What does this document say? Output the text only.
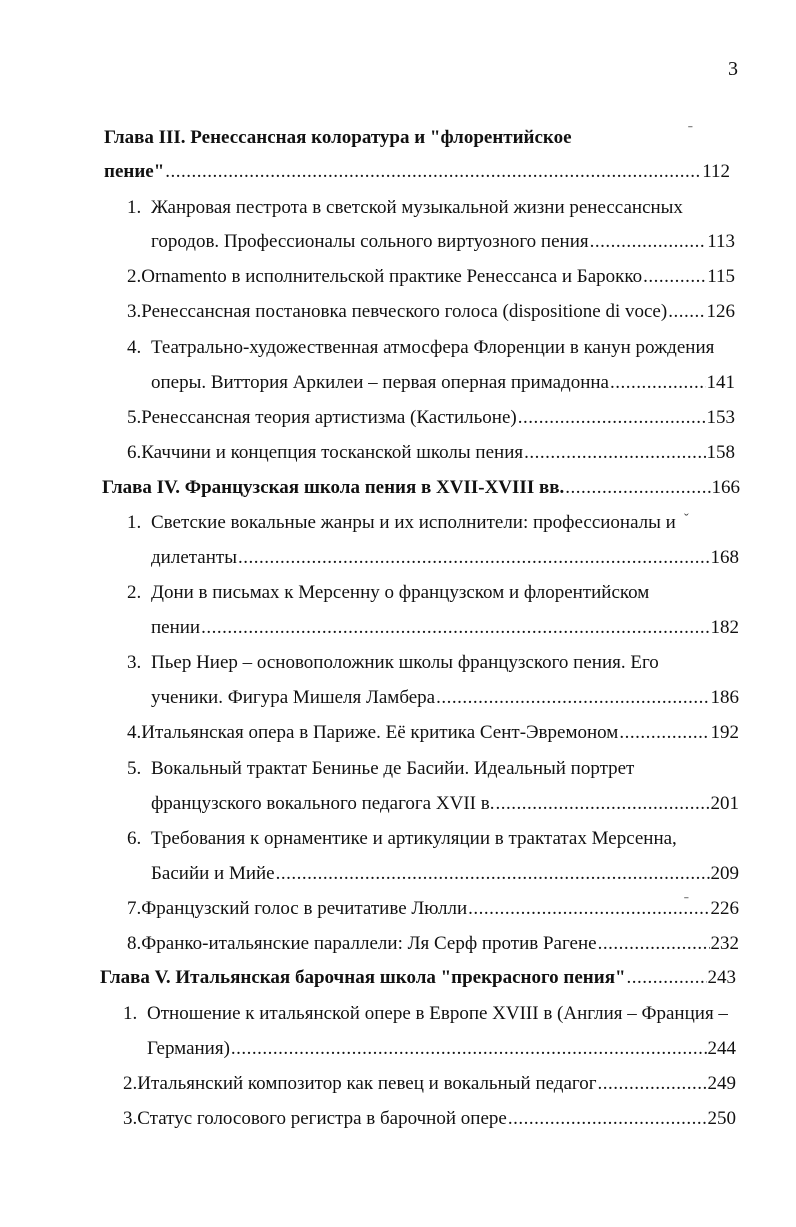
3
Глава III. Ренессансная колоратура и "флорентийское
пение" .....	112
1. Жанровая пестрота в светской музыкальной жизни ренессансных
городов. Профессионалы сольного виртуозного пения .....	113
2. Ornamento в исполнительской практике Ренессанса и Барокко .....	115
3. Ренессансная постановка певческого голоса (dispositione di voce) ..... 126
4. Театрально-художественная атмосфера Флоренции в канун рождения
оперы. Виттория Аркилеи – первая оперная примадонна .....	141
5. Ренессансная теория артистизма (Кастильоне) .....	153
6. Каччини и концепция тосканской школы пения .....	158
Глава IV. Французская школа пения в XVII-XVIII вв. .....	166
1. Светские вокальные жанры и их исполнители: профессионалы и
дилетанты .....	168
2. Дони в письмах к Мерсенну о французском и флорентийском
пении .....	182
3. Пьер Ниер – основоположник школы французского пения. Его
ученики. Фигура Мишеля Ламбера .....	186
4. Итальянская опера в Париже. Её критика Сент-Эвремоном .....	192
5. Вокальный трактат Бениньe де Басийи. Идеальный портрет
французского вокального педагога XVII в. .....	201
6. Требования к орнаментике и артикуляции в трактатах Мерсенна,
Басийи и Мийе .....	209
7. Французский голос в речитативе Люлли .....	226
8. Франко-итальянские параллели: Ля Серф против Рагене .....	232
Глава V. Итальянская барочная школа "прекрасного пения" .....	243
1. Отношение к итальянской опере в Европе XVIII в (Англия – Франция –
Германия) .....	244
2. Итальянский композитор как певец и вокальный педагог .....	249
3. Статус голосового регистра в барочной опере .....	250
ˉ
ˇ
ˉ
